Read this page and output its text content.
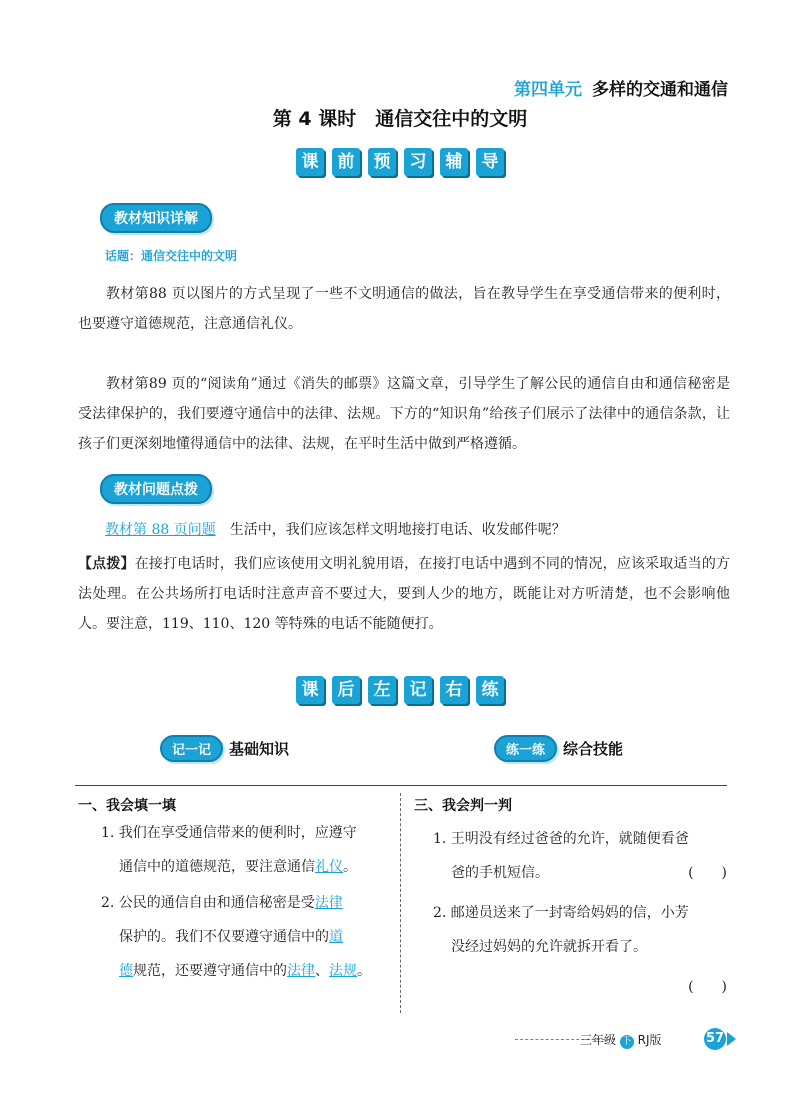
第四单元 多样的交通和通信
第 4 课时　通信交往中的文明
课 前 预 习 辅 导
教材知识详解
话题：通信交往中的文明
教材第88 页以图片的方式呈现了一些不文明通信的做法，旨在教导学生在享受通信带来的便利时，也要遵守道德规范，注意通信礼仪。
教材第89 页的“阅读角”通过《消失的邮票》这篇文章，引导学生了解公民的通信自由和通信秘密是受法律保护的，我们要遵守通信中的法律、法规。下方的“知识角”给孩子们展示了法律中的通信条款，让孩子们更深刻地懂得通信中的法律、法规，在平时生活中做到严格遵循。
教材问题点拨
教材第 88 页问题 生活中，我们应该怎样文明地接打电话、收发邮件呢？
【点拨】在接打电话时，我们应该使用文明礼貌用语，在接打电话中遇到不同的情况，应该采取适当的方法处理。在公共场所打电话时注意声音不要过大，要到人少的地方，既能让对方听清楚，也不会影响他人。要注意，119、110、120 等特殊的电话不能随便打。
课 后 左 记 右 练
记一记 基础知识	练一练 综合技能
一、我会填一填
1. 我们在享受通信带来的便利时，应遵守
通信中的道德规范，要注意通信礼仪。
2. 公民的通信自由和通信秘密是受法律
保护的。我们不仅要遵守通信中的道
德规范，还要遵守通信中的法律、法规。
三、我会判一判
1. 王明没有经过爸爸的允许，就随便看爸
爸的手机短信。	(　　)
2. 邮递员送来了一封寄给妈妈的信，小芳
没经过妈妈的允许就拆开看了。
(　　)
三年级 下 RJ版	57
